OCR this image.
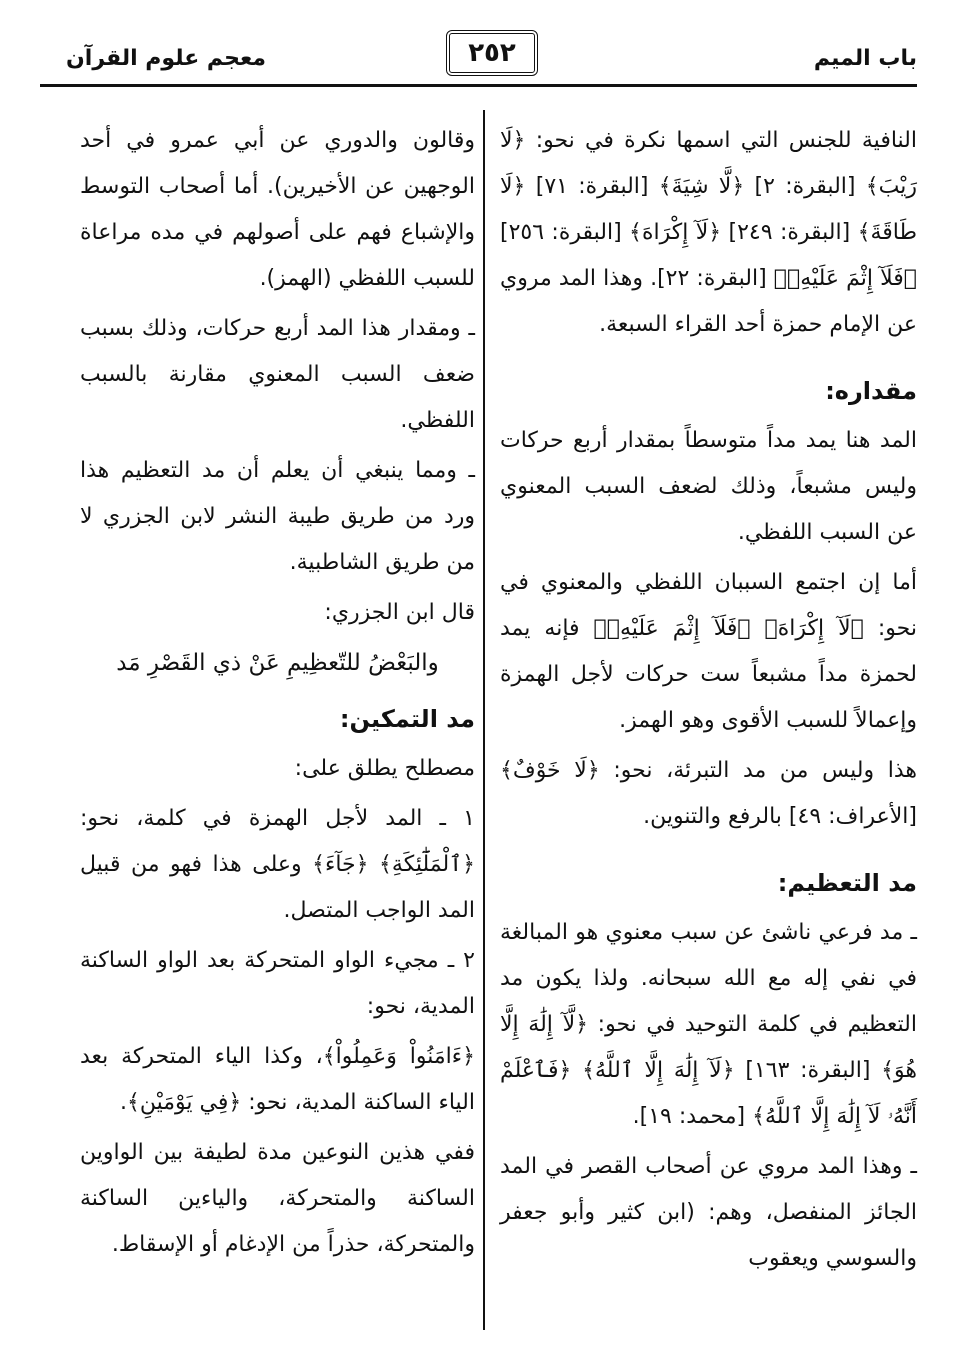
باب الميم
٢٥٢
معجم علوم القرآن

النافية للجنس التي اسمها نكرة في نحو: ﴿لَا رَيْبَ﴾ [البقرة: ٢] ﴿لَّا شِيَةَ﴾ [البقرة: ٧١] ﴿لَا طَاقَةَ﴾ [البقرة: ٢٤٩] ﴿لَآ إِكْرَاهَ﴾ [البقرة: ٢٥٦] ﴿فَلَآ إِثْمَ عَلَيْهِۚ﴾ [البقرة: ٢٢]. وهذا المد مروي عن الإمام حمزة أحد القراء السبعة.

مقداره:

المد هنا يمد مداً متوسطاً بمقدار أربع حركات وليس مشبعاً، وذلك لضعف السبب المعنوي عن السبب اللفظي.

أما إن اجتمع السببان اللفظي والمعنوي في نحو: ﴿لَآ إِكْرَاهَ﴾ ﴿فَلَآ إِثْمَ عَلَيْهِۚ﴾ فإنه يمد لحمزة مداً مشبعاً ست حركات لأجل الهمزة وإعمالاً للسبب الأقوى وهو الهمز.

هذا وليس من مد التبرئة، نحو: ﴿لَا خَوْفٌ﴾ [الأعراف: ٤٩] بالرفع والتنوين.

مد التعظيم:

ـ مد فرعي ناشئ عن سبب معنوي هو المبالغة في نفي إله مع الله سبحانه. ولذا يكون مد التعظيم في كلمة التوحيد في نحو: ﴿لَّآ إِلَٰهَ إِلَّا هُوَ﴾ [البقرة: ١٦٣] ﴿لَآ إِلَٰهَ إِلَّا ٱللَّهُ﴾ ﴿فَٱعْلَمْ أَنَّهُۥ لَآ إِلَٰهَ إِلَّا ٱللَّهُ﴾ [محمد: ١٩].

ـ وهذا المد مروي عن أصحاب القصر في المد الجائز المنفصل، وهم: (ابن كثير وأبو جعفر والسوسي ويعقوب

وقالون والدوري عن أبي عمرو في أحد الوجهين عن الأخيرين). أما أصحاب التوسط والإشباع فهم على أصولهم في مده مراعاة للسبب اللفظي (الهمز).

ـ ومقدار هذا المد أربع حركات، وذلك بسبب ضعف السبب المعنوي مقارنة بالسبب اللفظي.

ـ ومما ينبغي أن يعلم أن مد التعظيم هذا ورد من طريق طيبة النشر لابن الجزري لا من طريق الشاطبية.

قال ابن الجزري:

والبَعْضُ للتّعظِيمِ عَنْ ذي القَصْرِ مَد

مد التمكين:

مصطلح يطلق على:

١ ـ المد لأجل الهمزة في كلمة، نحو: ﴿ٱلْمَلَٰٓئِكَةِ﴾ ﴿جَآءَ﴾ وعلى هذا فهو من قبيل المد الواجب المتصل.

٢ ـ مجيء الواو المتحركة بعد الواو الساكنة المدية، نحو:

﴿ءَامَنُواْ وَعَمِلُواْ﴾، وكذا الياء المتحركة بعد الياء الساكنة المدية، نحو: ﴿فِي يَوْمَيْنِ﴾.

ففي هذين النوعين مدة لطيفة بين الواوين الساكنة والمتحركة، والياءين الساكنة والمتحركة، حذراً من الإدغام أو الإسقاط.
